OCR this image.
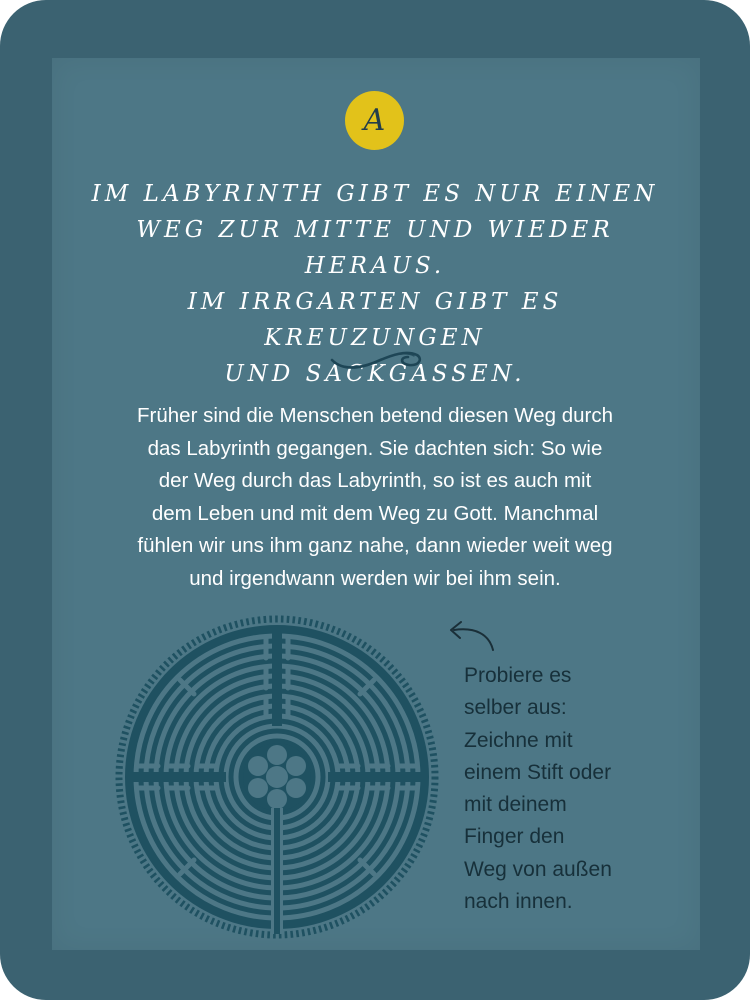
A
IM LABYRINTH GIBT ES NUR EINEN
WEG ZUR MITTE UND WIEDER HERAUS.
IM IRRGARTEN GIBT ES KREUZUNGEN
UND SACKGASSEN.

Früher sind die Menschen betend diesen Weg durch
das Labyrinth gegangen. Sie dachten sich: So wie
der Weg durch das Labyrinth, so ist es auch mit
dem Leben und mit dem Weg zu Gott. Manchmal
fühlen wir uns ihm ganz nahe, dann wieder weit weg
und irgendwann werden wir bei ihm sein.

Probiere es
selber aus:
Zeichne mit
einem Stift oder
mit deinem
Finger den
Weg von außen
nach innen.
